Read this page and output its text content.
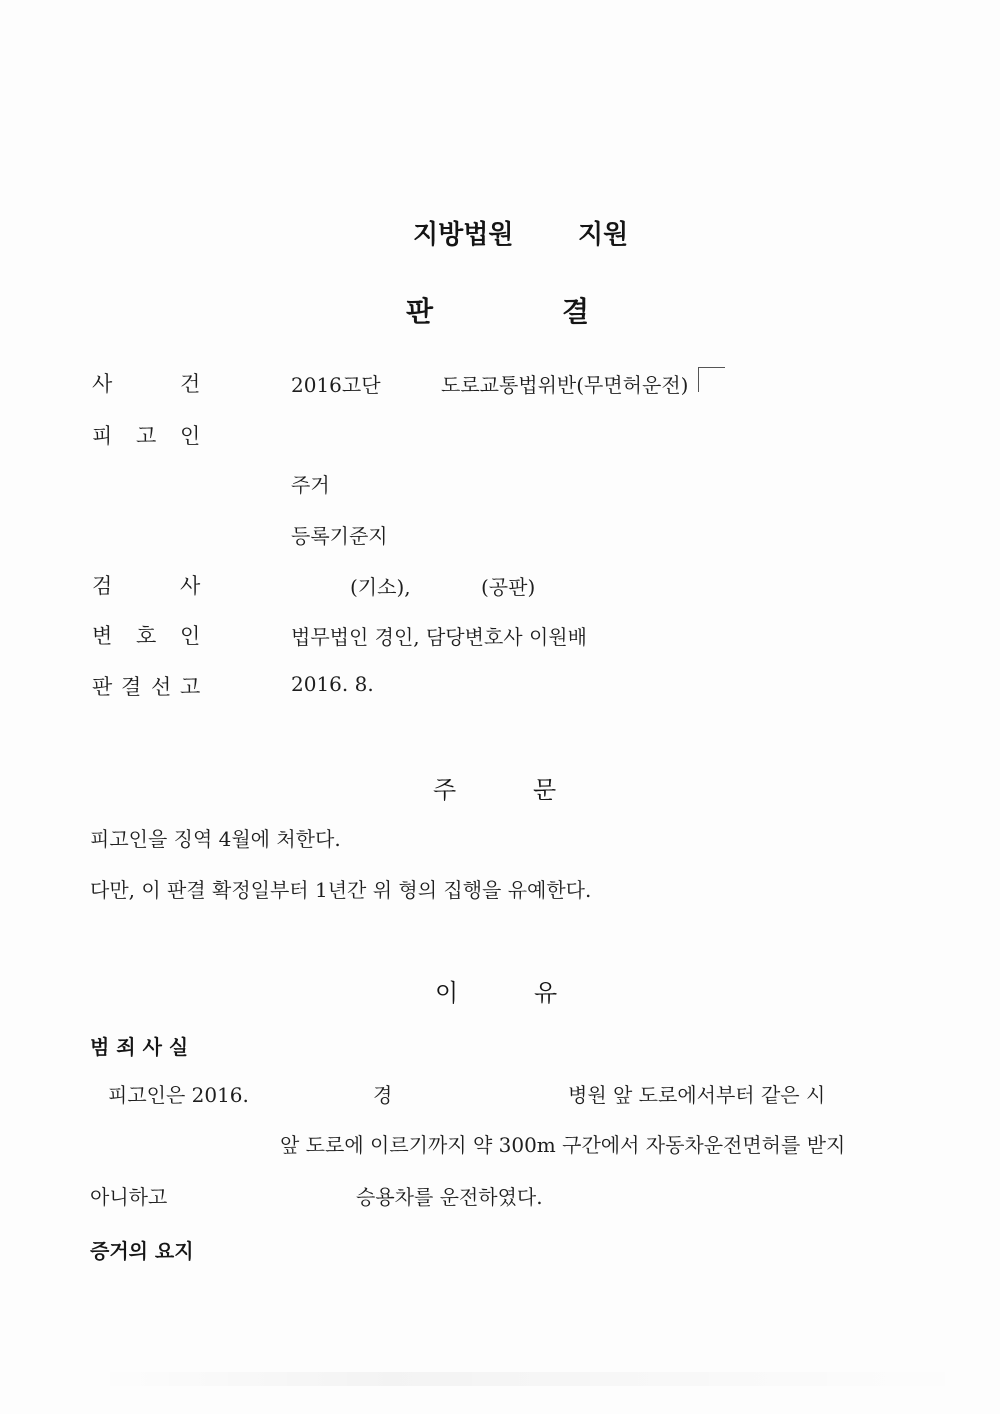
지방법원 지원
판	결
사	건	2016고단	도로교통법위반(무면허운전)
피 고 인
주거
등록기준지
검	사	(기소),	(공판)
변 호 인	법무법인 경인, 담당변호사 이원배
판 결 선 고	2016. 8.
주	문
피고인을 징역 4월에 처한다.
다만, 이 판결 확정일부터 1년간 위 형의 집행을 유예한다.
이	유
범 죄 사 실
피고인은 2016.	경	병원 앞 도로에서부터 같은 시
앞 도로에 이르기까지 약 300m 구간에서 자동차운전면허를 받지
아니하고	승용차를 운전하였다.
증거의 요지
